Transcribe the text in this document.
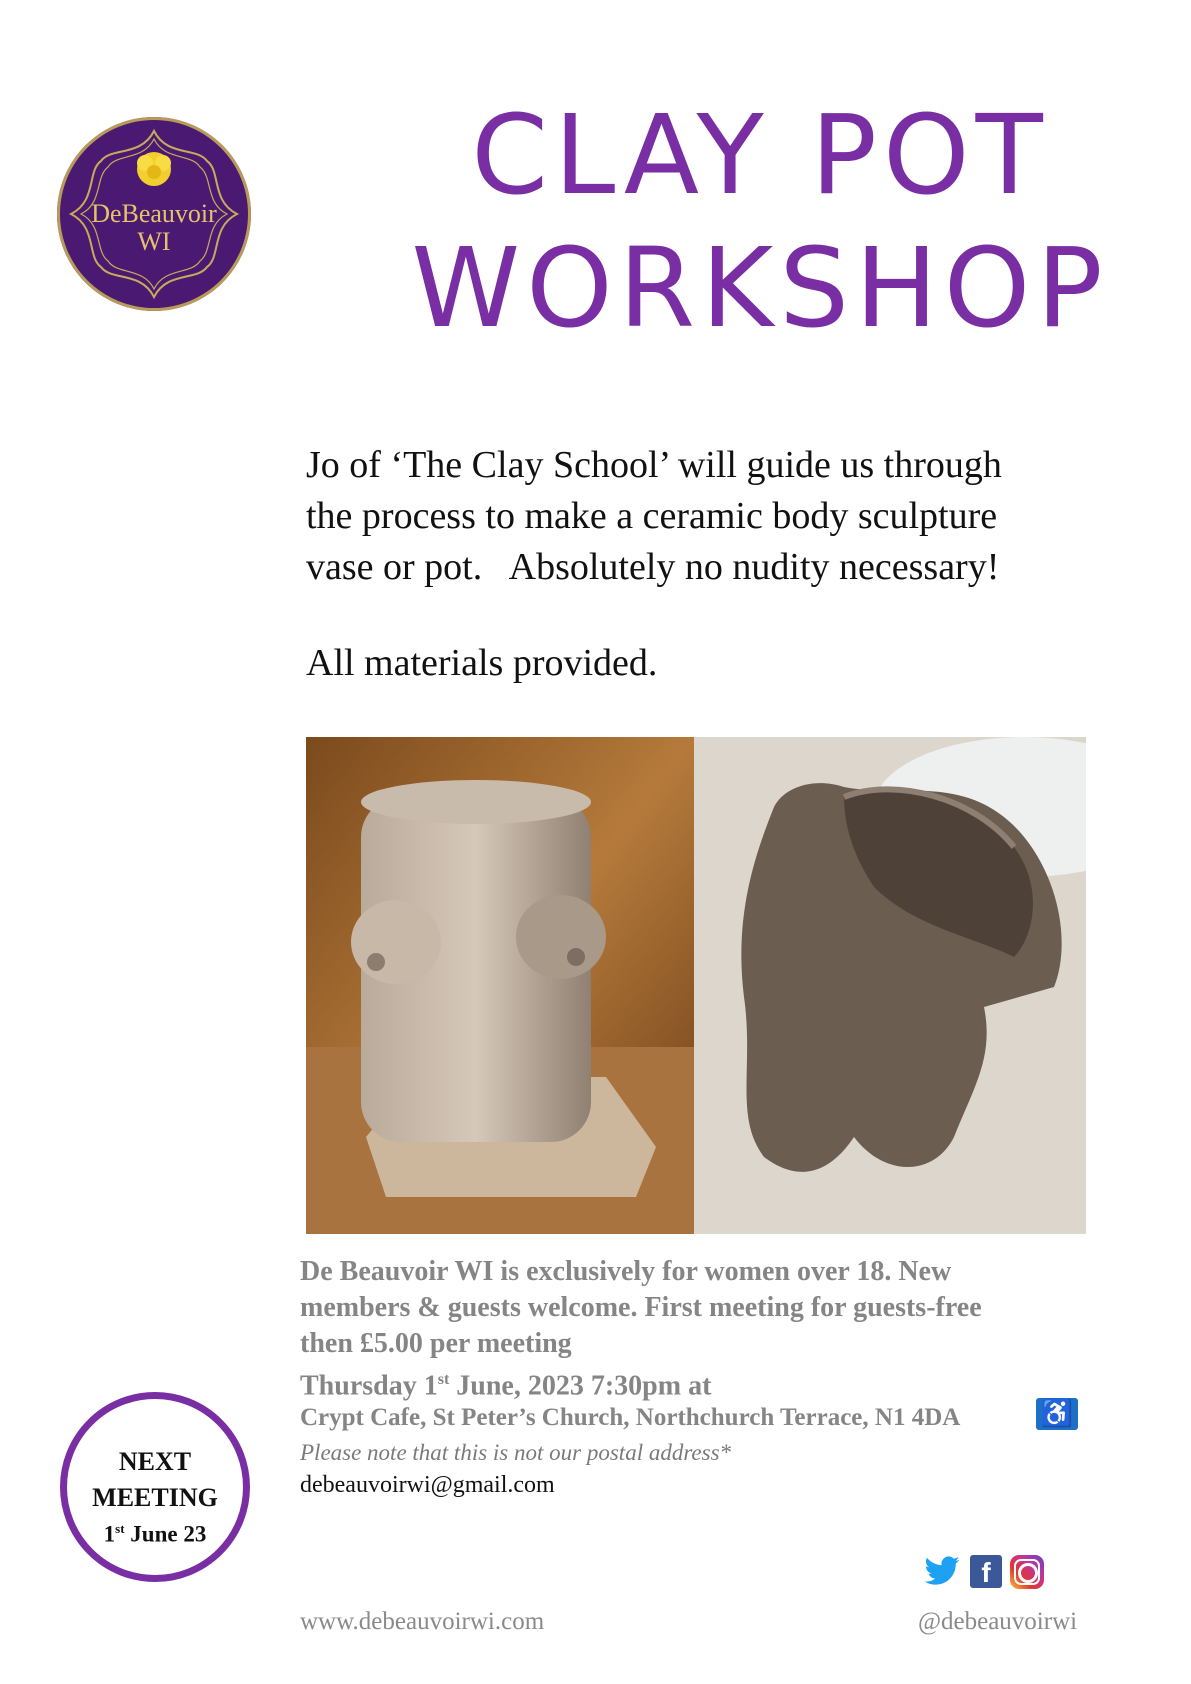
DeBeauvoir
WI
CLAY POT
WORKSHOP

Jo of ‘The Clay School’ will guide us through

the process to make a ceramic body sculpture

vase or pot.   Absolutely no nudity necessary!

All materials provided.
De Beauvoir WI is exclusively for women over 18. New
members & guests welcome. First meeting for guests-free
then £5.00 per meeting
Thursday 1st June, 2023 7:30pm at
Crypt Cafe, St Peter’s Church, Northchurch Terrace, N1 4DA	♿
Please note that this is not our postal address*
debeauvoirwi@gmail.com
NEXT
MEETING
1st June 23
f
www.debeauvoirwi.com	@debeauvoirwi
